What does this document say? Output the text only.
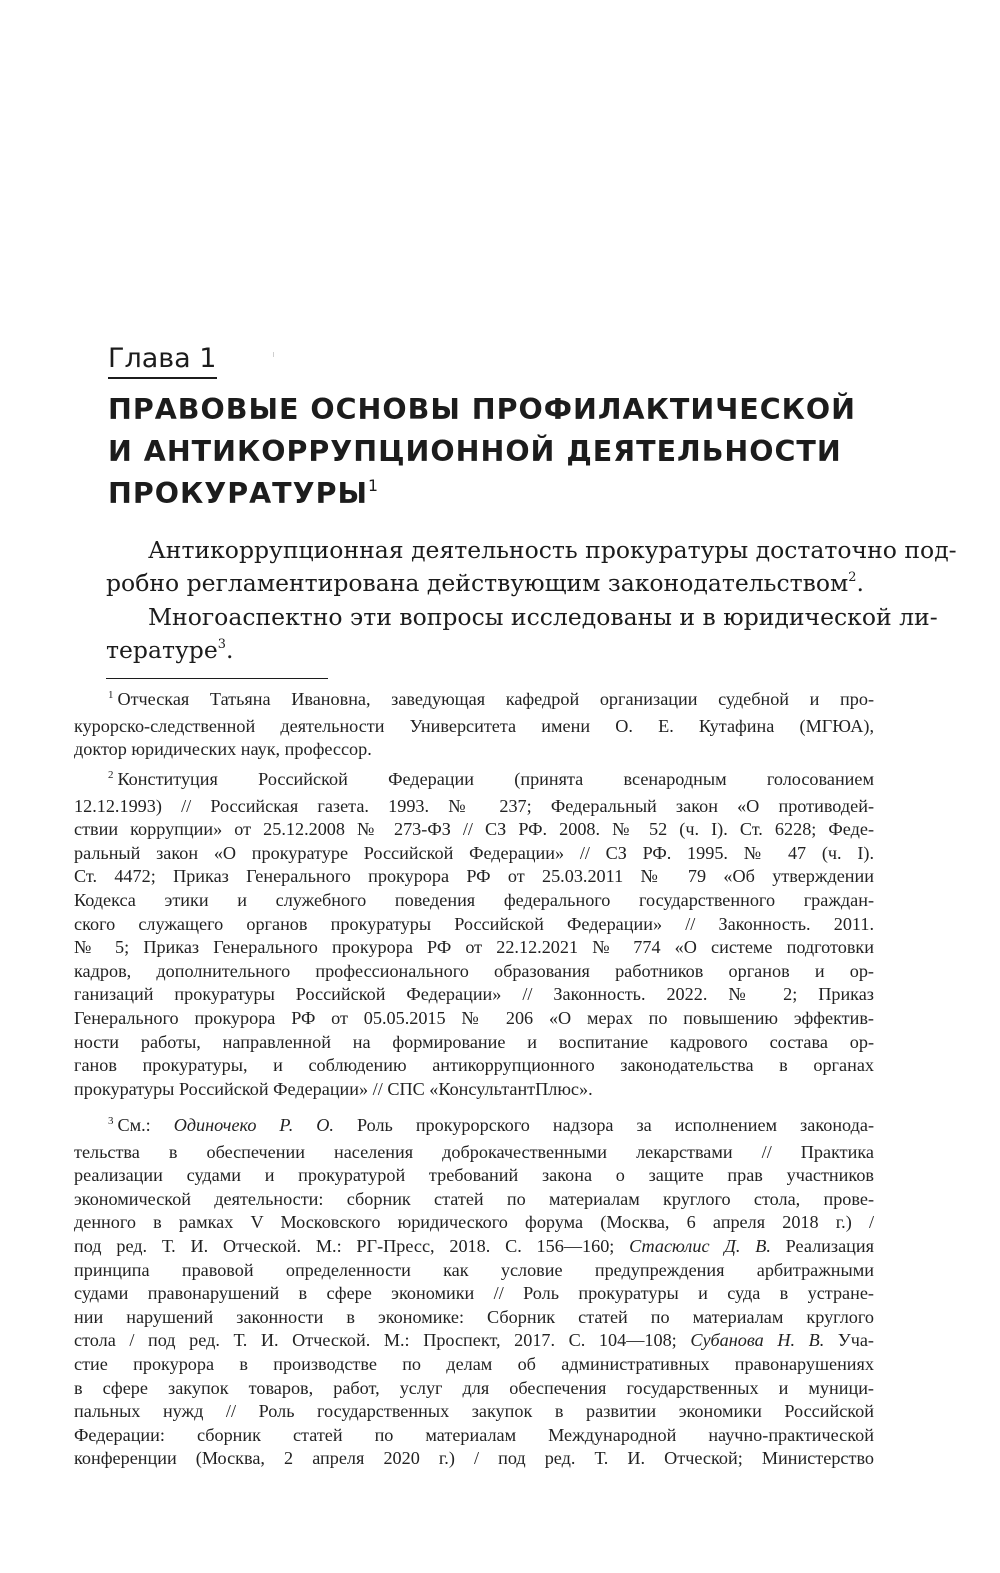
Глава 1
ПРАВОВЫЕ ОСНОВЫ ПРОФИЛАКТИЧЕСКОЙ
И АНТИКОРРУПЦИОННОЙ ДЕЯТЕЛЬНОСТИ
ПРОКУРАТУРЫ$^1$
Антикоррупционная деятельность прокуратуры достаточно под-
робно регламентирована действующим законодательством$^2$.
Многоаспектно эти вопросы исследованы и в юридической ли-
тературе$^3$.
$^1$ Отческая Татьяна Ивановна, заведующая кафедрой организации судебной и про-
курорско-следственной деятельности Университета имени О. Е. Кутафина (МГЮА),
доктор юридических наук, профессор.
$^2$ Конституция Российской Федерации (принята всенародным голосованием
12.12.1993) // Российская газета. 1993. № 237; Федеральный закон «О противодей-
ствии коррупции» от 25.12.2008 № 273-ФЗ // СЗ РФ. 2008. № 52 (ч. I). Ст. 6228; Феде-
ральный закон «О прокуратуре Российской Федерации» // СЗ РФ. 1995. № 47 (ч. I).
Ст. 4472; Приказ Генерального прокурора РФ от 25.03.2011 № 79 «Об утверждении
Кодекса этики и служебного поведения федерального государственного граждан-
ского служащего органов прокуратуры Российской Федерации» // Законность. 2011.
№ 5; Приказ Генерального прокурора РФ от 22.12.2021 № 774 «О системе подготовки
кадров, дополнительного профессионального образования работников органов и ор-
ганизаций прокуратуры Российской Федерации» // Законность. 2022. № 2; Приказ
Генерального прокурора РФ от 05.05.2015 № 206 «О мерах по повышению эффектив-
ности работы, направленной на формирование и воспитание кадрового состава ор-
ганов прокуратуры, и соблюдению антикоррупционного законодательства в органах
прокуратуры Российской Федерации» // СПС «КонсультантПлюс».
$^3$ См.: Одиночеко Р. О. Роль прокурорского надзора за исполнением законода-
тельства в обеспечении населения доброкачественными лекарствами // Практика
реализации судами и прокуратурой требований закона о защите прав участников
экономической деятельности: сборник статей по материалам круглого стола, прове-
денного в рамках V Московского юридического форума (Москва, 6 апреля 2018 г.) /
под ред. Т. И. Отческой. М.: РГ-Пресс, 2018. С. 156—160; Стасюлис Д. В. Реализация
принципа правовой определенности как условие предупреждения арбитражными
судами правонарушений в сфере экономики // Роль прокуратуры и суда в устране-
нии нарушений законности в экономике: Сборник статей по материалам круглого
стола / под ред. Т. И. Отческой. М.: Проспект, 2017. С. 104—108; Субанова Н. В. Уча-
стие прокурора в производстве по делам об административных правонарушениях
в сфере закупок товаров, работ, услуг для обеспечения государственных и муници-
пальных нужд // Роль государственных закупок в развитии экономики Российской
Федерации: сборник статей по материалам Международной научно-практической
конференции (Москва, 2 апреля 2020 г.) / под ред. Т. И. Отческой; Министерство
